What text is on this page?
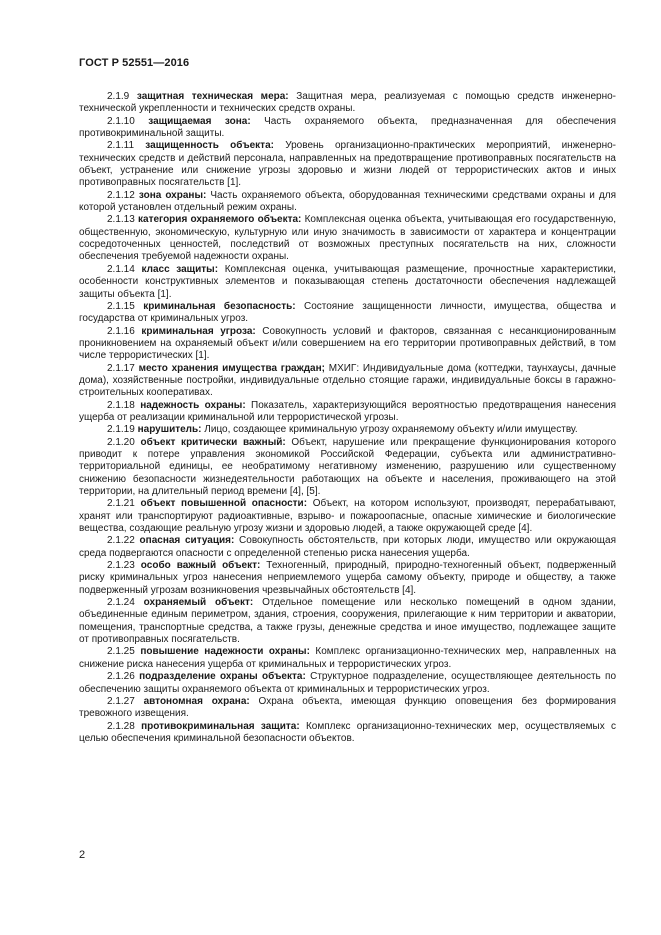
ГОСТ Р 52551—2016

2.1.9 защитная техническая мера: Защитная мера, реализуемая с помощью средств инженерно-технической укрепленности и технических средств охраны.

2.1.10 защищаемая зона: Часть охраняемого объекта, предназначенная для обеспечения противокриминальной защиты.

2.1.11 защищенность объекта: Уровень организационно-практических мероприятий, инженерно-технических средств и действий персонала, направленных на предотвращение противоправных посягательств на объект, устранение или снижение угрозы здоровью и жизни людей от террористических актов и иных противоправных посягательств [1].

2.1.12 зона охраны: Часть охраняемого объекта, оборудованная техническими средствами охраны и для которой установлен отдельный режим охраны.

2.1.13 категория охраняемого объекта: Комплексная оценка объекта, учитывающая его государственную, общественную, экономическую, культурную или иную значимость в зависимости от характера и концентрации сосредоточенных ценностей, последствий от возможных преступных посягательств на них, сложности обеспечения требуемой надежности охраны.

2.1.14 класс защиты: Комплексная оценка, учитывающая размещение, прочностные характеристики, особенности конструктивных элементов и показывающая степень достаточности обеспечения надлежащей защиты объекта [1].

2.1.15 криминальная безопасность: Состояние защищенности личности, имущества, общества и государства от криминальных угроз.

2.1.16 криминальная угроза: Совокупность условий и факторов, связанная с несанкционированным проникновением на охраняемый объект и/или совершением на его территории противоправных действий, в том числе террористических [1].

2.1.17 место хранения имущества граждан; МХИГ: Индивидуальные дома (коттеджи, таунхаусы, дачные дома), хозяйственные постройки, индивидуальные отдельно стоящие гаражи, индивидуальные боксы в гаражно-строительных кооперативах.

2.1.18 надежность охраны: Показатель, характеризующийся вероятностью предотвращения нанесения ущерба от реализации криминальной или террористической угрозы.

2.1.19 нарушитель: Лицо, создающее криминальную угрозу охраняемому объекту и/или имуществу.

2.1.20 объект критически важный: Объект, нарушение или прекращение функционирования которого приводит к потере управления экономикой Российской Федерации, субъекта или административно-территориальной единицы, ее необратимому негативному изменению, разрушению или существенному снижению безопасности жизнедеятельности работающих на объекте и населения, проживающего на этой территории, на длительный период времени [4], [5].

2.1.21 объект повышенной опасности: Объект, на котором используют, производят, перерабатывают, хранят или транспортируют радиоактивные, взрыво- и пожароопасные, опасные химические и биологические вещества, создающие реальную угрозу жизни и здоровью людей, а также окружающей среде [4].

2.1.22 опасная ситуация: Совокупность обстоятельств, при которых люди, имущество или окружающая среда подвергаются опасности с определенной степенью риска нанесения ущерба.

2.1.23 особо важный объект: Техногенный, природный, природно-техногенный объект, подверженный риску криминальных угроз нанесения неприемлемого ущерба самому объекту, природе и обществу, а также подверженный угрозам возникновения чрезвычайных обстоятельств [4].

2.1.24 охраняемый объект: Отдельное помещение или несколько помещений в одном здании, объединенные единым периметром, здания, строения, сооружения, прилегающие к ним территории и акватории, помещения, транспортные средства, а также грузы, денежные средства и иное имущество, подлежащее защите от противоправных посягательств.

2.1.25 повышение надежности охраны: Комплекс организационно-технических мер, направленных на снижение риска нанесения ущерба от криминальных и террористических угроз.

2.1.26 подразделение охраны объекта: Структурное подразделение, осуществляющее деятельность по обеспечению защиты охраняемого объекта от криминальных и террористических угроз.

2.1.27 автономная охрана: Охрана объекта, имеющая функцию оповещения без формирования тревожного извещения.

2.1.28 противокриминальная защита: Комплекс организационно-технических мер, осуществляемых с целью обеспечения криминальной безопасности объектов.

2
